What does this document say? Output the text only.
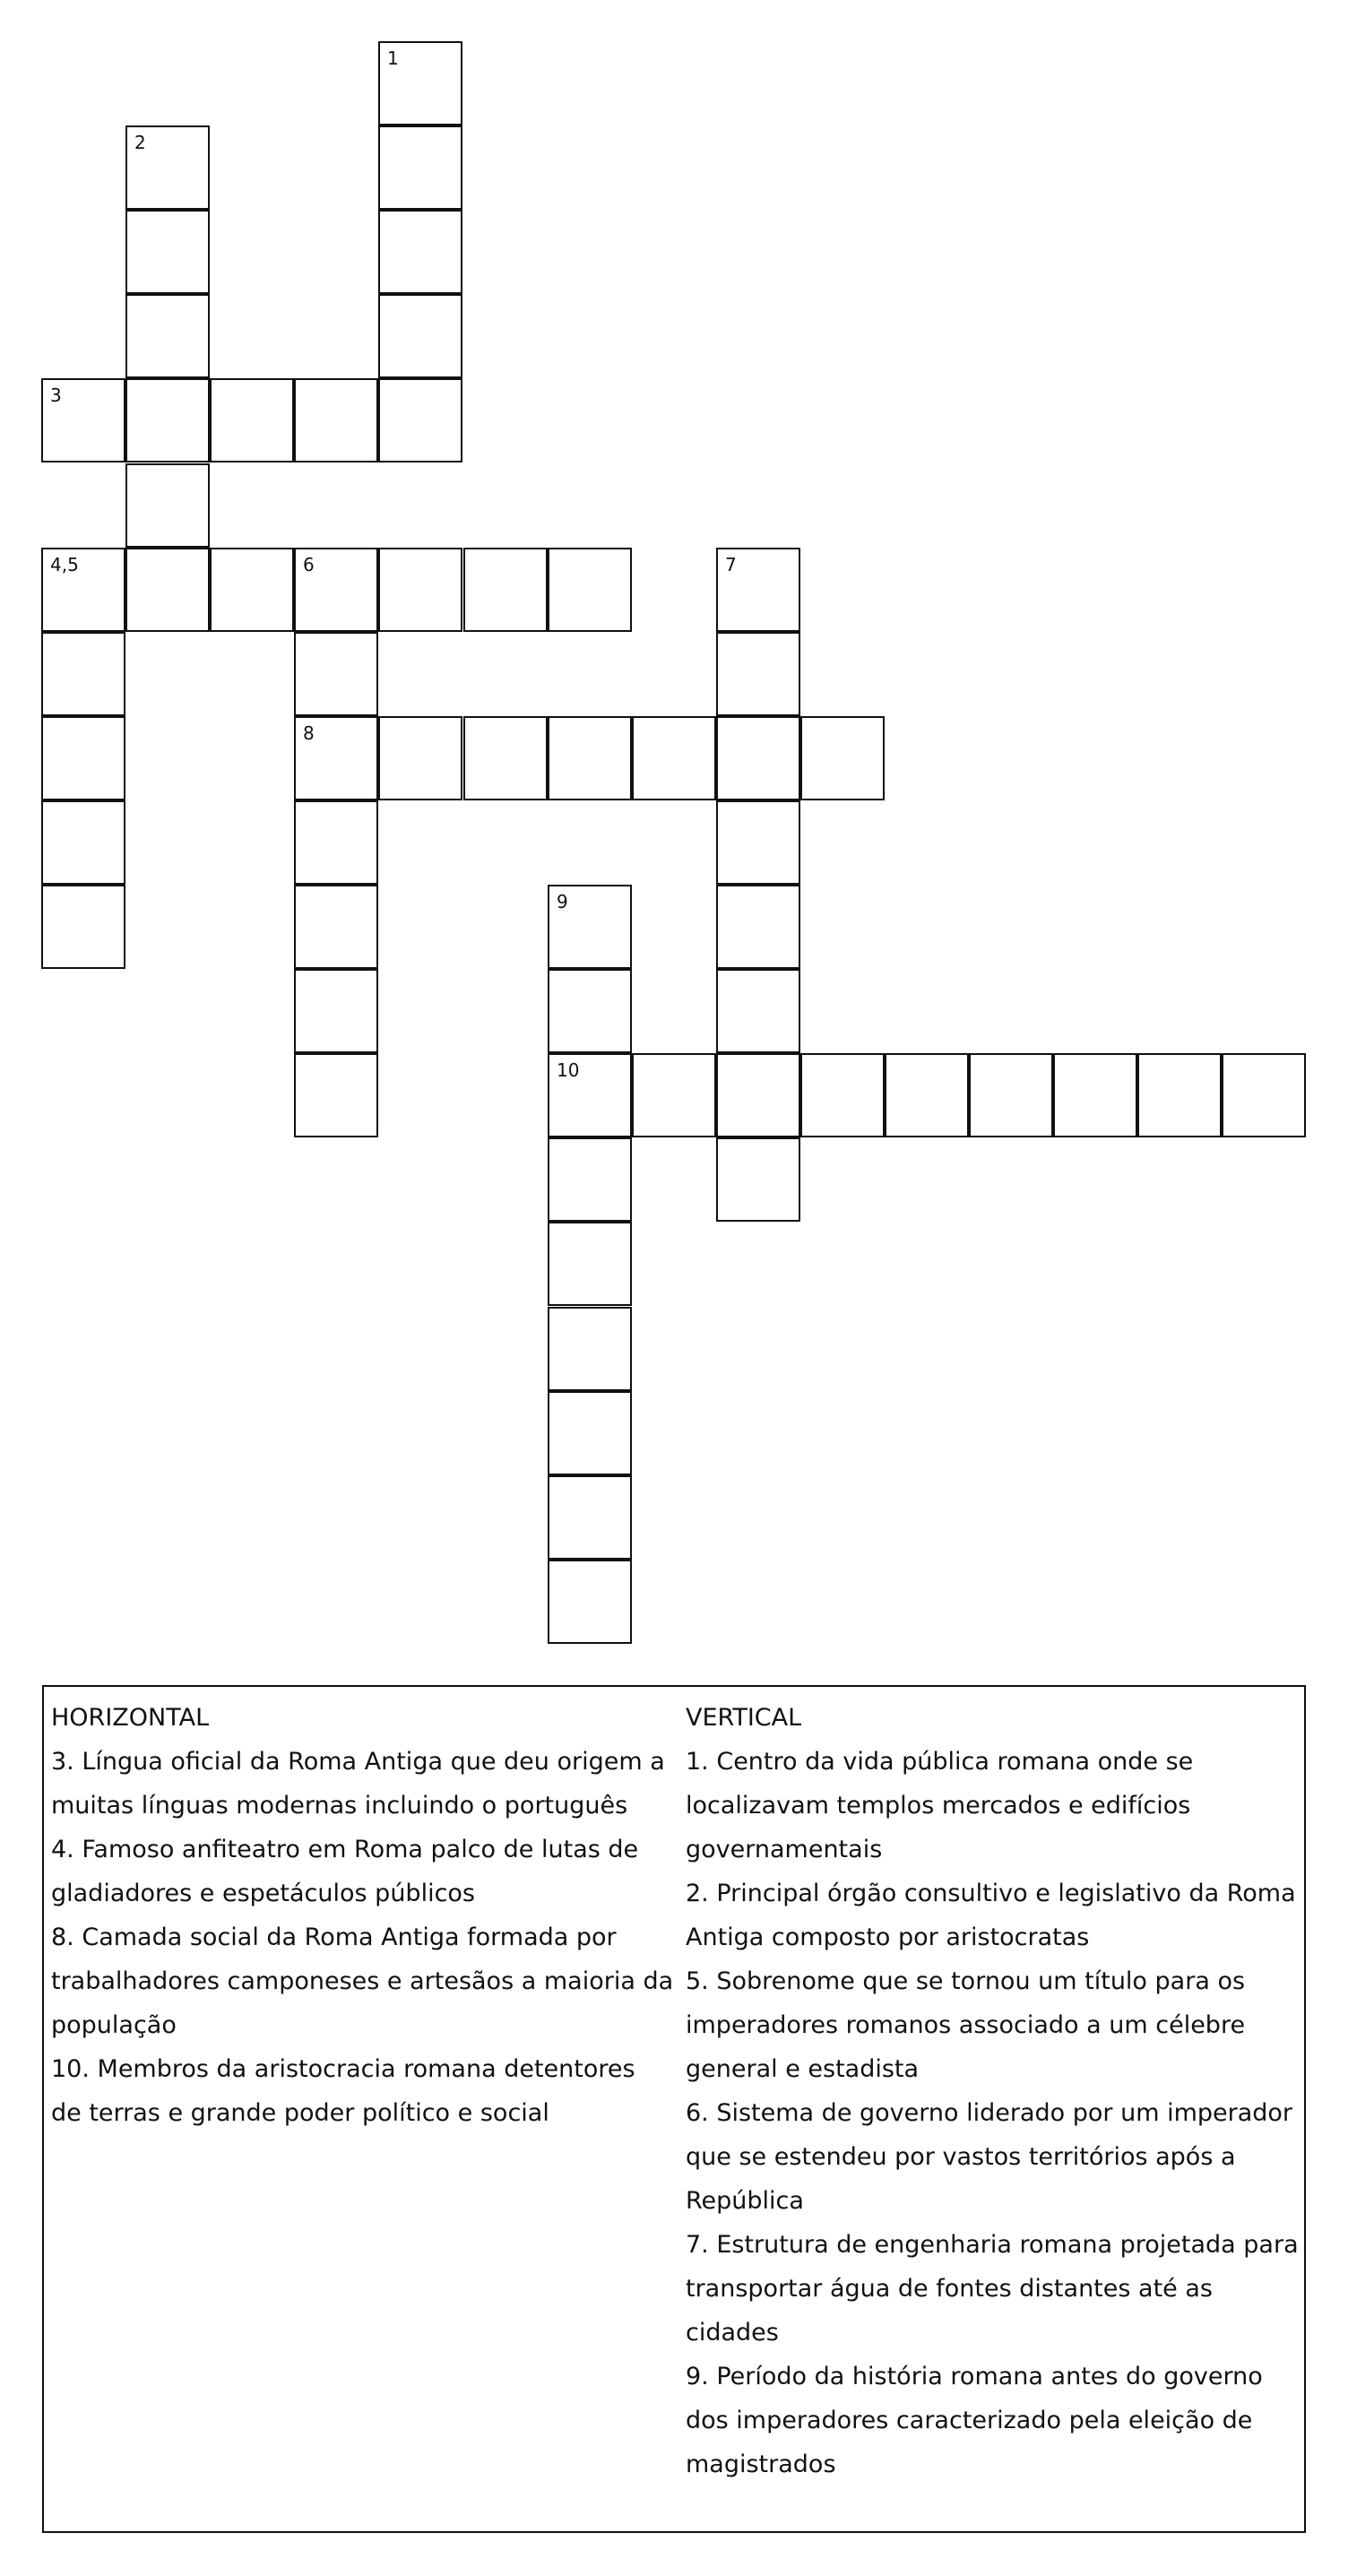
1
2
3
4,5	6
8
7
9
10
HORIZONTAL
3. Língua oficial da Roma Antiga que deu origem a
muitas línguas modernas incluindo o português
4. Famoso anfiteatro em Roma palco de lutas de
gladiadores e espetáculos públicos
8. Camada social da Roma Antiga formada por
trabalhadores camponeses e artesãos a maioria da
população
10. Membros da aristocracia romana detentores
de terras e grande poder político e social
VERTICAL
1. Centro da vida pública romana onde se
localizavam templos mercados e edifícios
governamentais
2. Principal órgão consultivo e legislativo da Roma
Antiga composto por aristocratas
5. Sobrenome que se tornou um título para os
imperadores romanos associado a um célebre
general e estadista
6. Sistema de governo liderado por um imperador
que se estendeu por vastos territórios após a
República
7. Estrutura de engenharia romana projetada para
transportar água de fontes distantes até as
cidades
9. Período da história romana antes do governo
dos imperadores caracterizado pela eleição de
magistrados
